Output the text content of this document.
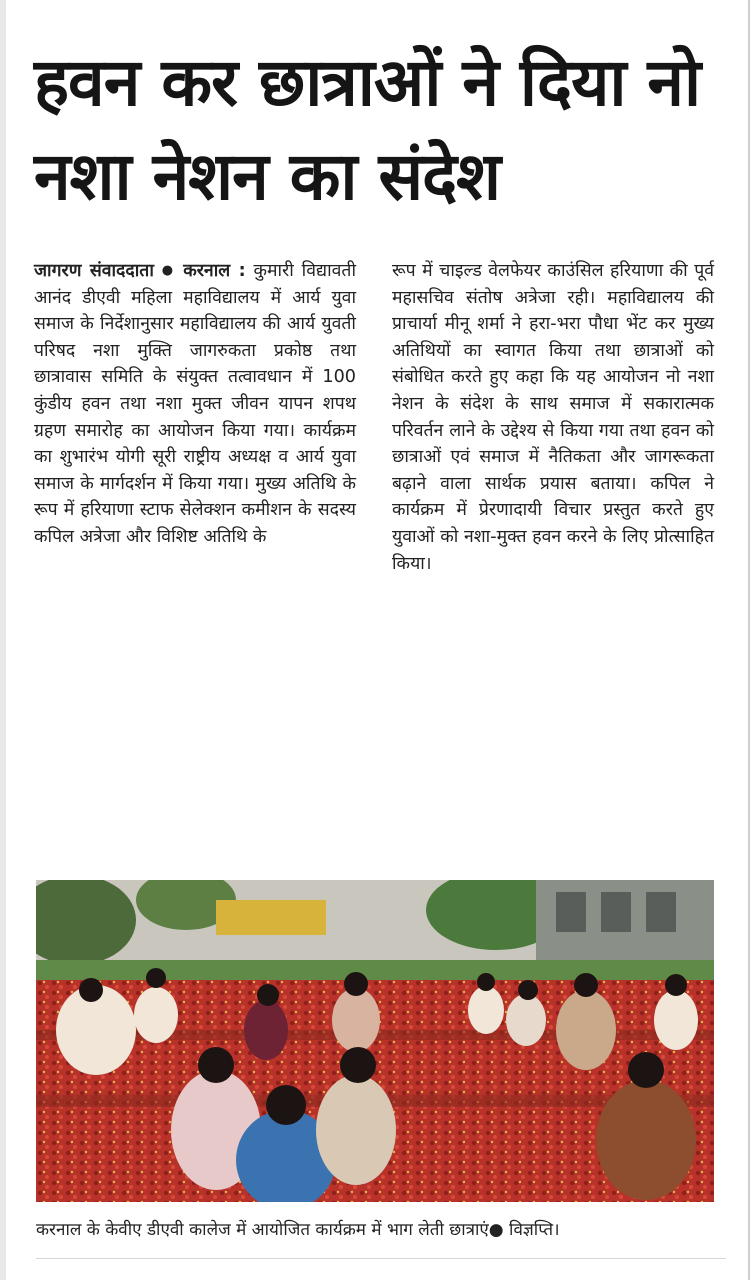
हवन कर छात्राओं ने दिया नो
नशा नेशन का संदेश

जागरण संवाददाता ● करनाल : कुमारी विद्यावती आनंद डीएवी महिला महाविद्यालय में आर्य युवा समाज के निर्देशानुसार महाविद्यालय की आर्य युवती परिषद नशा मुक्ति जागरुकता प्रकोष्ठ तथा छात्रावास समिति के संयुक्त तत्वावधान में 100 कुंडीय हवन तथा नशा मुक्त जीवन यापन शपथ ग्रहण समारोह का आयोजन किया गया। कार्यक्रम का शुभारंभ योगी सूरी राष्ट्रीय अध्यक्ष व आर्य युवा समाज के मार्गदर्शन में किया गया। मुख्य अतिथि के रूप में हरियाणा स्टाफ सेलेक्शन कमीशन के सदस्य कपिल अत्रेजा और विशिष्ट अतिथि के

रूप में चाइल्ड वेलफेयर काउंसिल हरियाणा की पूर्व महासचिव संतोष अत्रेजा रही। महाविद्यालय की प्राचार्या मीनू शर्मा ने हरा-भरा पौधा भेंट कर मुख्य अतिथियों का स्वागत किया तथा छात्राओं को संबोधित करते हुए कहा कि यह आयोजन नो नशा नेशन के संदेश के साथ समाज में सकारात्मक परिवर्तन लाने के उद्देश्य से किया गया तथा हवन को छात्राओं एवं समाज में नैतिकता और जागरूकता बढ़ाने वाला सार्थक प्रयास बताया। कपिल ने कार्यक्रम में प्रेरणादायी विचार प्रस्तुत करते हुए युवाओं को नशा-मुक्त हवन करने के लिए प्रोत्साहित किया।

करनाल के केवीए डीएवी कालेज में आयोजित कार्यक्रम में भाग लेती छात्राएं● विज्ञप्ति।
